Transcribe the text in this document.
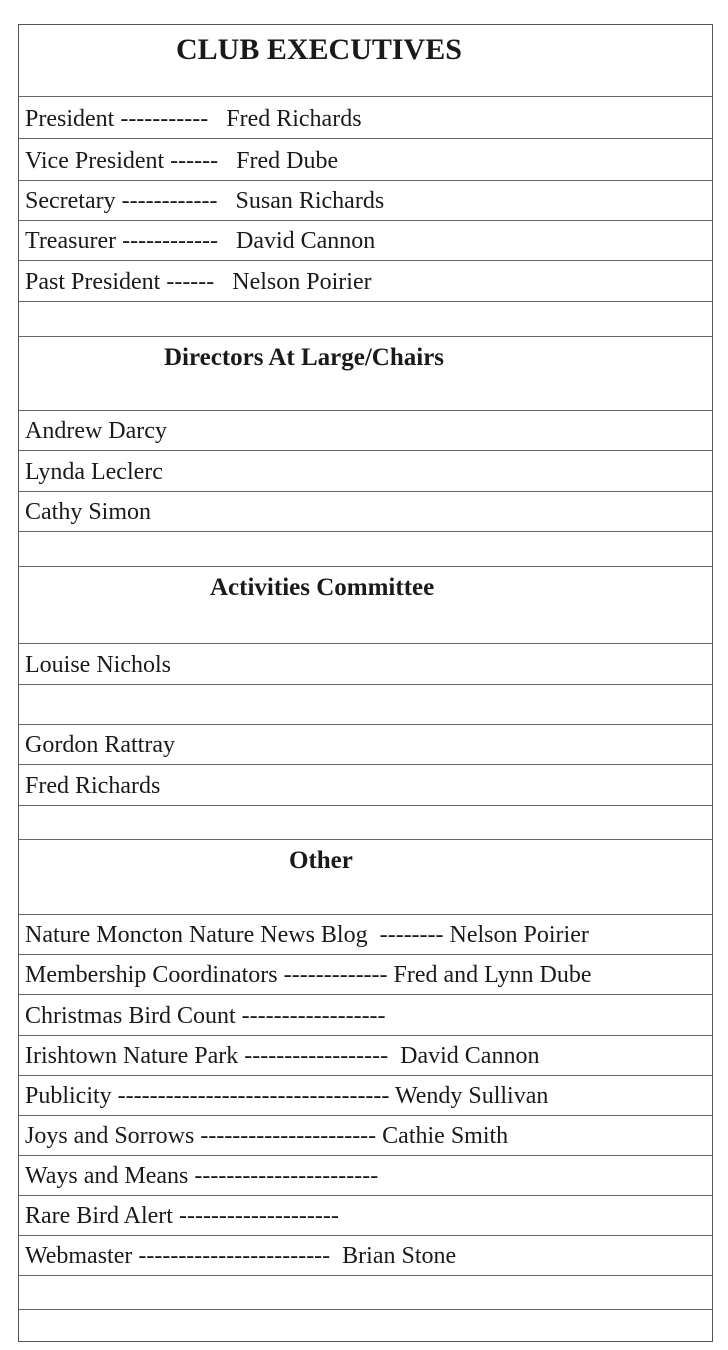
CLUB EXECUTIVES
President -----------   Fred Richards
Vice President ------   Fred Dube
Secretary ------------   Susan Richards
Treasurer ------------   David Cannon
Past President ------   Nelson Poirier
Directors At Large/Chairs
Andrew Darcy
Lynda Leclerc
Cathy Simon
Activities Committee
Louise Nichols
Gordon Rattray
Fred Richards
Other
Nature Moncton Nature News Blog  -------- Nelson Poirier
Membership Coordinators ------------- Fred and Lynn Dube
Christmas Bird Count ------------------
Irishtown Nature Park ------------------  David Cannon
Publicity ---------------------------------- Wendy Sullivan
Joys and Sorrows ---------------------- Cathie Smith
Ways and Means -----------------------
Rare Bird Alert --------------------
Webmaster ------------------------  Brian Stone
